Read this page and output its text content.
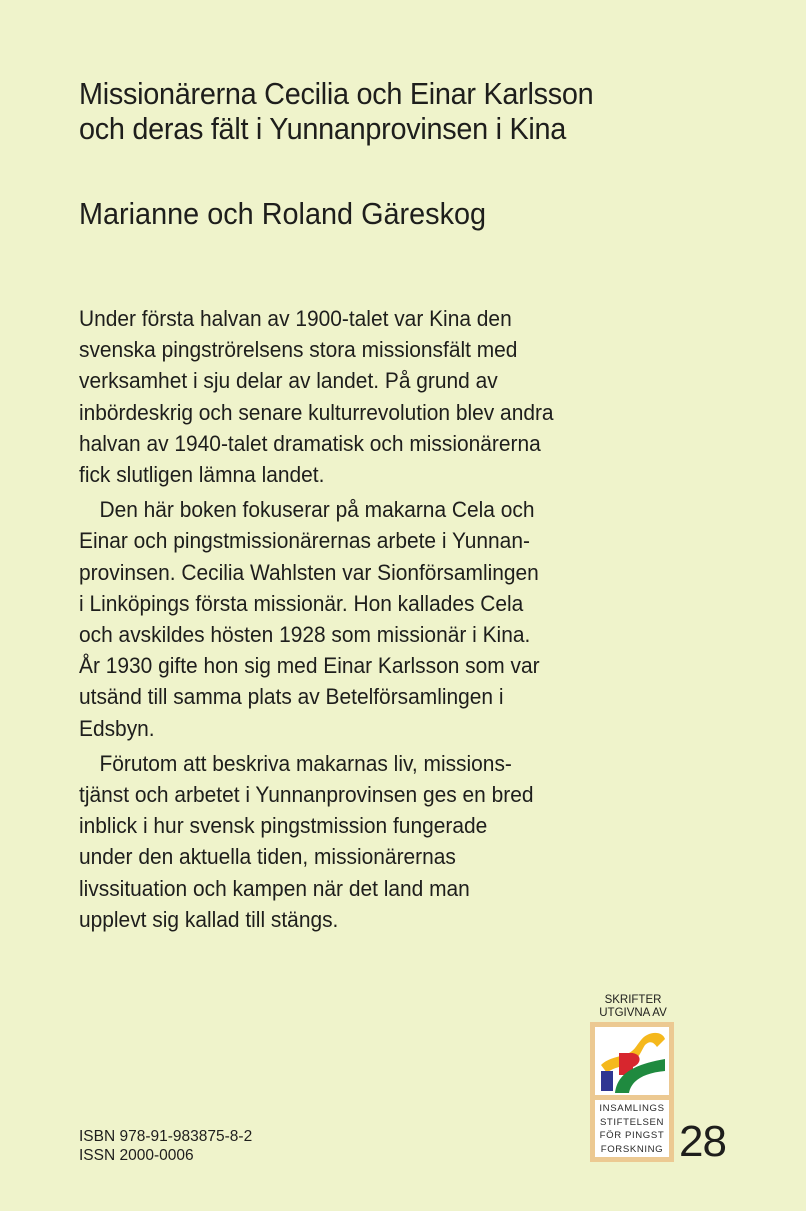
Missionärerna Cecilia och Einar Karlsson
och deras fält i Yunnanprovinsen i Kina
Marianne och Roland Gäreskog

Under första halvan av 1900-talet var Kina den
svenska pingströrelsens stora missionsfält med
verksamhet i sju delar av landet. På grund av
inbördeskrig och senare kulturrevolution blev andra
halvan av 1940-talet dramatisk och missionärerna
fick slutligen lämna landet.

Den här boken fokuserar på makarna Cela och
Einar och pingstmissionärernas arbete i Yunnan-
provinsen. Cecilia Wahlsten var Sionförsamlingen
i Linköpings första missionär. Hon kallades Cela
och avskildes hösten 1928 som missionär i Kina.
År 1930 gifte hon sig med Einar Karlsson som var
utsänd till samma plats av Betelförsamlingen i
Edsbyn.

Förutom att beskriva makarnas liv, missions-
tjänst och arbetet i Yunnanprovinsen ges en bred
inblick i hur svensk pingstmission fungerade
under den aktuella tiden, missionärernas
livssituation och kampen när det land man
upplevt sig kallad till stängs.

ISBN 978-91-983875-8-2
ISSN 2000-0006
SKRIFTER
UTGIVNA AV
INSAMLINGS
STIFTELSEN
FÖR PINGST
FORSKNING 28
